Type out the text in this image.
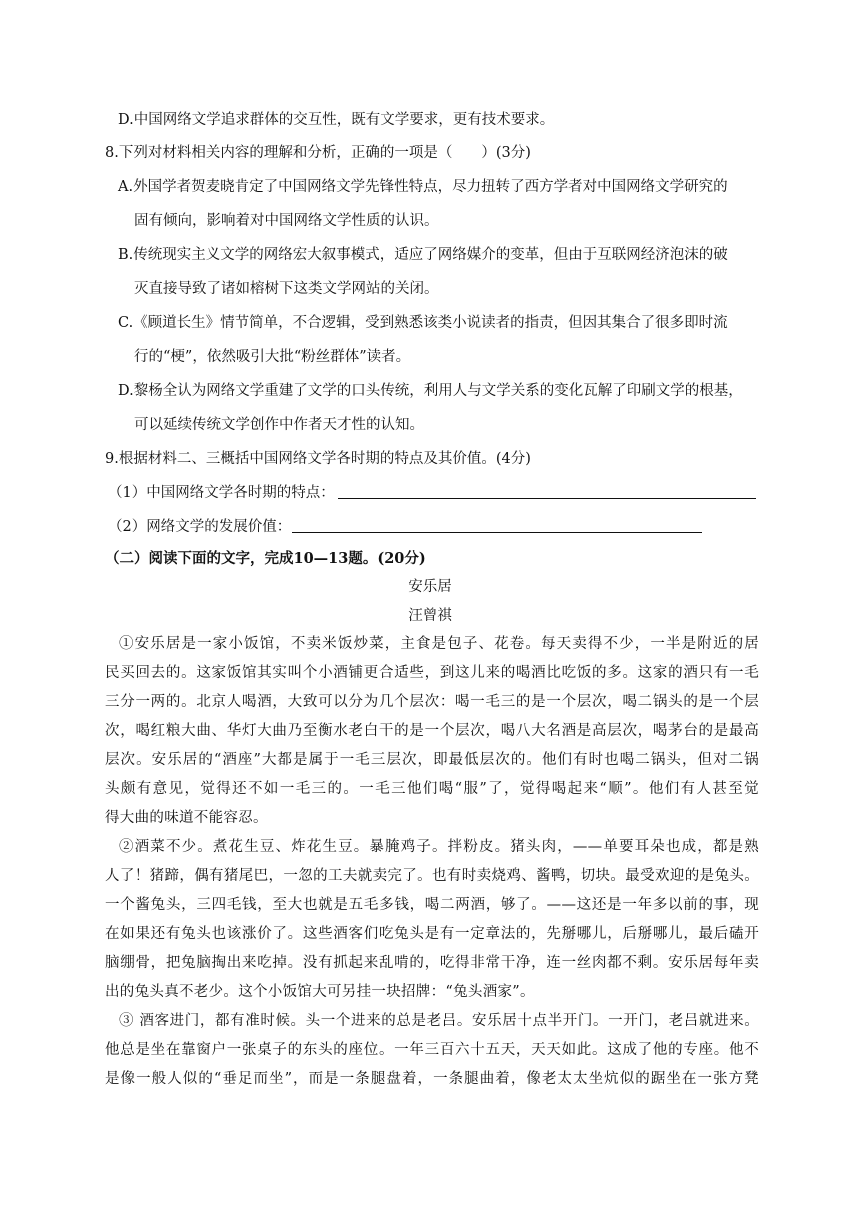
D.中国网络文学追求群体的交互性，既有文学要求，更有技术要求。
8.下列对材料相关内容的理解和分析，正确的一项是（　　）(3分)
A.外国学者贺麦晓肯定了中国网络文学先锋性特点，尽力扭转了西方学者对中国网络文学研究的
固有倾向，影响着对中国网络文学性质的认识。
B.传统现实主义文学的网络宏大叙事模式，适应了网络媒介的变革，但由于互联网经济泡沫的破
灭直接导致了诸如榕树下这类文学网站的关闭。
C.《顾道长生》情节简单，不合逻辑，受到熟悉该类小说读者的指责，但因其集合了很多即时流
行的“梗”，依然吸引大批“粉丝群体”读者。
D.黎杨全认为网络文学重建了文学的口头传统，利用人与文学关系的变化瓦解了印刷文学的根基，
可以延续传统文学创作中作者天才性的认知。
9.根据材料二、三概括中国网络文学各时期的特点及其价值。(4分)
（1）中国网络文学各时期的特点：
（2）网络文学的发展价值：
（二）阅读下面的文字，完成10—13题。(20分)
安乐居
汪曾祺
①安乐居是一家小饭馆，不卖米饭炒菜，主食是包子、花卷。每天卖得不少，一半是附近的居
民买回去的。这家饭馆其实叫个小酒铺更合适些，到这儿来的喝酒比吃饭的多。这家的酒只有一毛
三分一两的。北京人喝酒，大致可以分为几个层次：喝一毛三的是一个层次，喝二锅头的是一个层
次，喝红粮大曲、华灯大曲乃至衡水老白干的是一个层次，喝八大名酒是高层次，喝茅台的是最高
层次。安乐居的“酒座”大都是属于一毛三层次，即最低层次的。他们有时也喝二锅头，但对二锅
头颇有意见，觉得还不如一毛三的。一毛三他们喝“服”了，觉得喝起来“顺”。他们有人甚至觉
得大曲的味道不能容忍。
②酒菜不少。煮花生豆、炸花生豆。暴腌鸡子。拌粉皮。猪头肉，——单要耳朵也成，都是熟
人了！猪蹄，偶有猪尾巴，一忽的工夫就卖完了。也有时卖烧鸡、酱鸭，切块。最受欢迎的是兔头。
一个酱兔头，三四毛钱，至大也就是五毛多钱，喝二两酒，够了。——这还是一年多以前的事，现
在如果还有兔头也该涨价了。这些酒客们吃兔头是有一定章法的，先掰哪儿，后掰哪儿，最后磕开
脑绷骨，把兔脑掏出来吃掉。没有抓起来乱啃的，吃得非常干净，连一丝肉都不剩。安乐居每年卖
出的兔头真不老少。这个小饭馆大可另挂一块招牌：“兔头酒家”。
③ 酒客进门，都有准时候。头一个进来的总是老吕。安乐居十点半开门。一开门，老吕就进来。
他总是坐在靠窗户一张桌子的东头的座位。一年三百六十五天，天天如此。这成了他的专座。他不
是像一般人似的“垂足而坐”，而是一条腿盘着，一条腿曲着，像老太太坐炕似的踞坐在一张方凳
